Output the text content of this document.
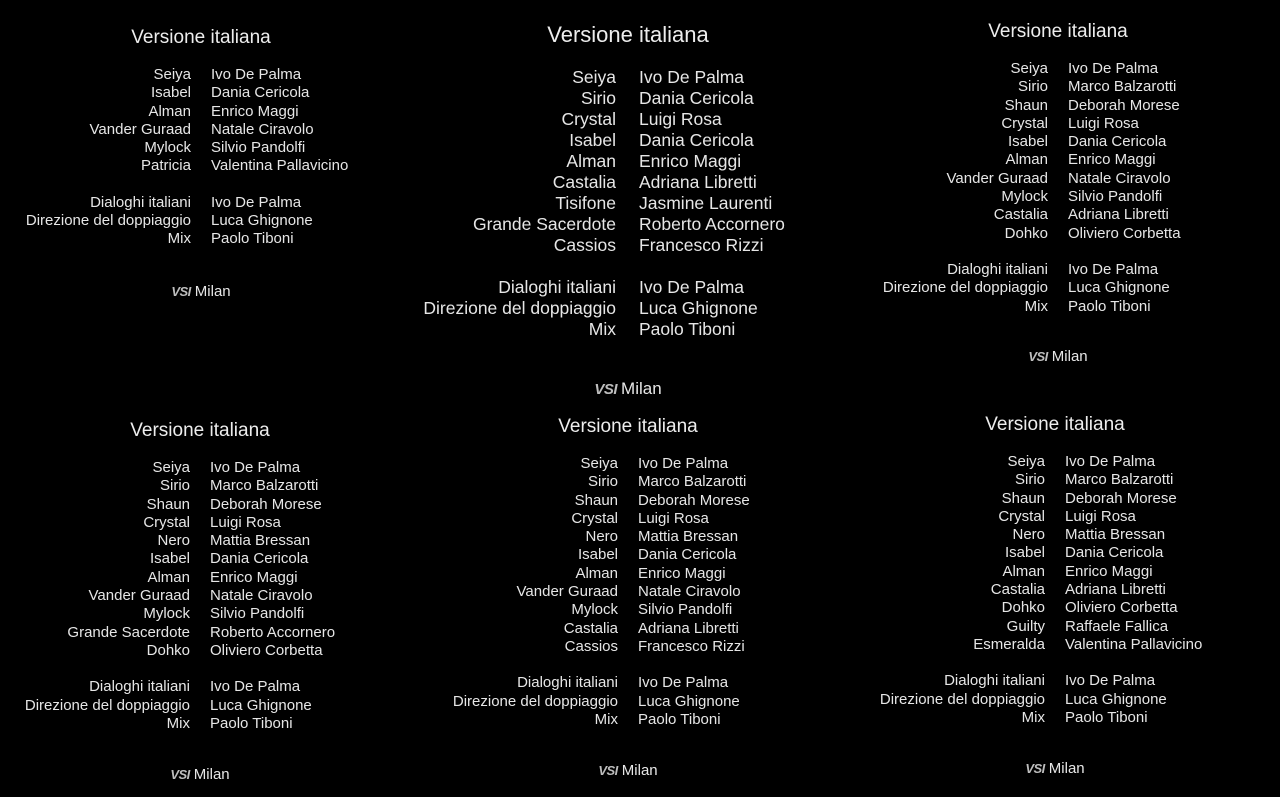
Versione italiana
Seiya Ivo De Palma
Isabel Dania Cericola
Alman Enrico Maggi
Vander Guraad Natale Ciravolo
Mylock Silvio Pandolfi
Patricia Valentina Pallavicino
Dialoghi italiani Ivo De Palma
Direzione del doppiaggio Luca Ghignone
Mix Paolo Tiboni
VSI Milan
Versione italiana
Seiya Ivo De Palma
Sirio Dania Cericola
Crystal Luigi Rosa
Isabel Dania Cericola
Alman Enrico Maggi
Castalia Adriana Libretti
Tisifone Jasmine Laurenti
Grande Sacerdote Roberto Accornero
Cassios Francesco Rizzi
Dialoghi italiani Ivo De Palma
Direzione del doppiaggio Luca Ghignone
Mix Paolo Tiboni
VSI Milan
Versione italiana
Seiya Ivo De Palma
Sirio Marco Balzarotti
Shaun Deborah Morese
Crystal Luigi Rosa
Isabel Dania Cericola
Alman Enrico Maggi
Vander Guraad Natale Ciravolo
Mylock Silvio Pandolfi
Castalia Adriana Libretti
Dohko Oliviero Corbetta
Dialoghi italiani Ivo De Palma
Direzione del doppiaggio Luca Ghignone
Mix Paolo Tiboni
VSI Milan
Versione italiana
Seiya Ivo De Palma
Sirio Marco Balzarotti
Shaun Deborah Morese
Crystal Luigi Rosa
Nero Mattia Bressan
Isabel Dania Cericola
Alman Enrico Maggi
Vander Guraad Natale Ciravolo
Mylock Silvio Pandolfi
Grande Sacerdote Roberto Accornero
Dohko Oliviero Corbetta
Dialoghi italiani Ivo De Palma
Direzione del doppiaggio Luca Ghignone
Mix Paolo Tiboni
VSI Milan
Versione italiana
Seiya Ivo De Palma
Sirio Marco Balzarotti
Shaun Deborah Morese
Crystal Luigi Rosa
Nero Mattia Bressan
Isabel Dania Cericola
Alman Enrico Maggi
Vander Guraad Natale Ciravolo
Mylock Silvio Pandolfi
Castalia Adriana Libretti
Cassios Francesco Rizzi
Dialoghi italiani Ivo De Palma
Direzione del doppiaggio Luca Ghignone
Mix Paolo Tiboni
VSI Milan
Versione italiana
Seiya Ivo De Palma
Sirio Marco Balzarotti
Shaun Deborah Morese
Crystal Luigi Rosa
Nero Mattia Bressan
Isabel Dania Cericola
Alman Enrico Maggi
Castalia Adriana Libretti
Dohko Oliviero Corbetta
Guilty Raffaele Fallica
Esmeralda Valentina Pallavicino
Dialoghi italiani Ivo De Palma
Direzione del doppiaggio Luca Ghignone
Mix Paolo Tiboni
VSI Milan
